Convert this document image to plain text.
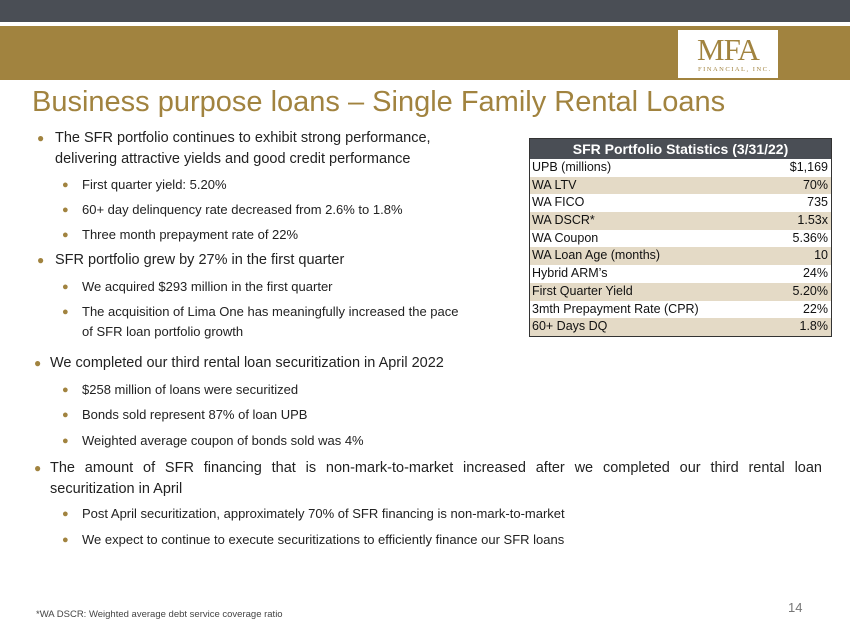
MFA
FINANCIAL, INC.
Business purpose loans – Single Family Rental Loans
● The SFR portfolio continues to exhibit strong performance, delivering attractive yields and good credit performance
● First quarter yield: 5.20%
● 60+ day delinquency rate decreased from 2.6% to 1.8%
● Three month prepayment rate of 22%
● SFR portfolio grew by 27% in the first quarter
● We acquired $293 million in the first quarter
● The acquisition of Lima One has meaningfully increased the pace of SFR loan portfolio growth
● We completed our third rental loan securitization in April 2022
● $258 million of loans were securitized
● Bonds sold represent 87% of loan UPB
● Weighted average coupon of bonds sold was 4%
● The amount of SFR financing that is non-mark-to-market increased after we completed our third rental loan securitization in April
● Post April securitization, approximately 70% of SFR financing is non-mark-to-market
● We expect to continue to execute securitizations to efficiently finance our SFR loans
SFR Portfolio Statistics (3/31/22)
UPB (millions)	$1,169
WA LTV	70%
WA FICO	735
WA DSCR*	1.53x
WA Coupon	5.36%
WA Loan Age (months)	10
Hybrid ARM’s	24%
First Quarter Yield	5.20%
3mth Prepayment Rate (CPR)	22%
60+ Days DQ	1.8%
*WA DSCR: Weighted average debt service coverage ratio	14
